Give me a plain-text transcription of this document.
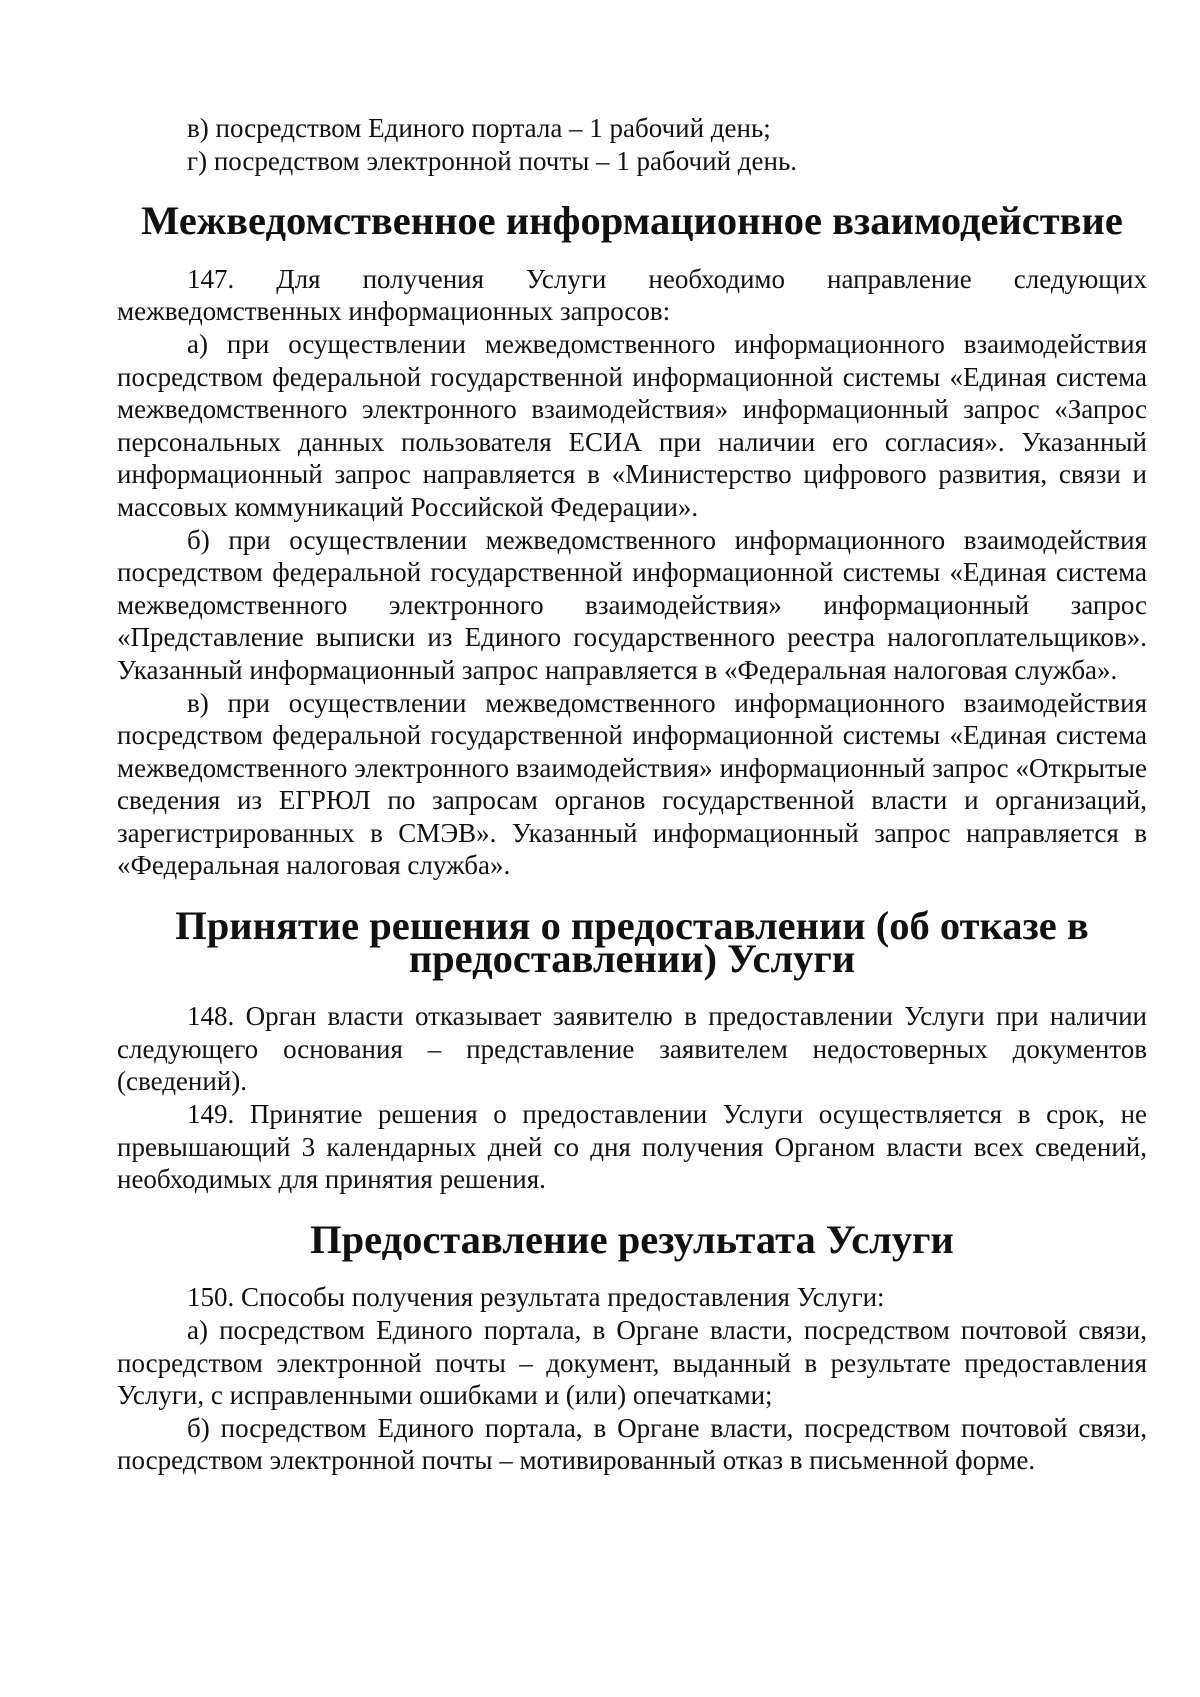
в) посредством Единого портала – 1 рабочий день;

г) посредством электронной почты – 1 рабочий день.

Межведомственное информационное взаимодействие

147. Для получения Услуги необходимо направление следующих межведомственных информационных запросов:

а) при осуществлении межведомственного информационного взаимодействия посредством федеральной государственной информационной системы «Единая система межведомственного электронного взаимодействия» информационный запрос «Запрос персональных данных пользователя ЕСИА при наличии его согласия». Указанный информационный запрос направляется в «Министерство цифрового развития, связи и массовых коммуникаций Российской Федерации».

б) при осуществлении межведомственного информационного взаимодействия посредством федеральной государственной информационной системы «Единая система межведомственного электронного взаимодействия» информационный запрос «Представление выписки из Единого государственного реестра налогоплательщиков». Указанный информационный запрос направляется в «Федеральная налоговая служба».

в) при осуществлении межведомственного информационного взаимодействия посредством федеральной государственной информационной системы «Единая система межведомственного электронного взаимодействия» информационный запрос «Открытые сведения из ЕГРЮЛ по запросам органов государственной власти и организаций, зарегистрированных в СМЭВ». Указанный информационный запрос направляется в «Федеральная налоговая служба».

Принятие решения о предоставлении (об отказе в предоставлении) Услуги

148. Орган власти отказывает заявителю в предоставлении Услуги при наличии следующего основания – представление заявителем недостоверных документов (сведений).

149. Принятие решения о предоставлении Услуги осуществляется в срок, не превышающий 3 календарных дней со дня получения Органом власти всех сведений, необходимых для принятия решения.

Предоставление результата Услуги

150. Способы получения результата предоставления Услуги:

а) посредством Единого портала, в Органе власти, посредством почтовой связи, посредством электронной почты – документ, выданный в результате предоставления Услуги, с исправленными ошибками и (или) опечатками;

б) посредством Единого портала, в Органе власти, посредством почтовой связи, посредством электронной почты – мотивированный отказ в письменной форме.
